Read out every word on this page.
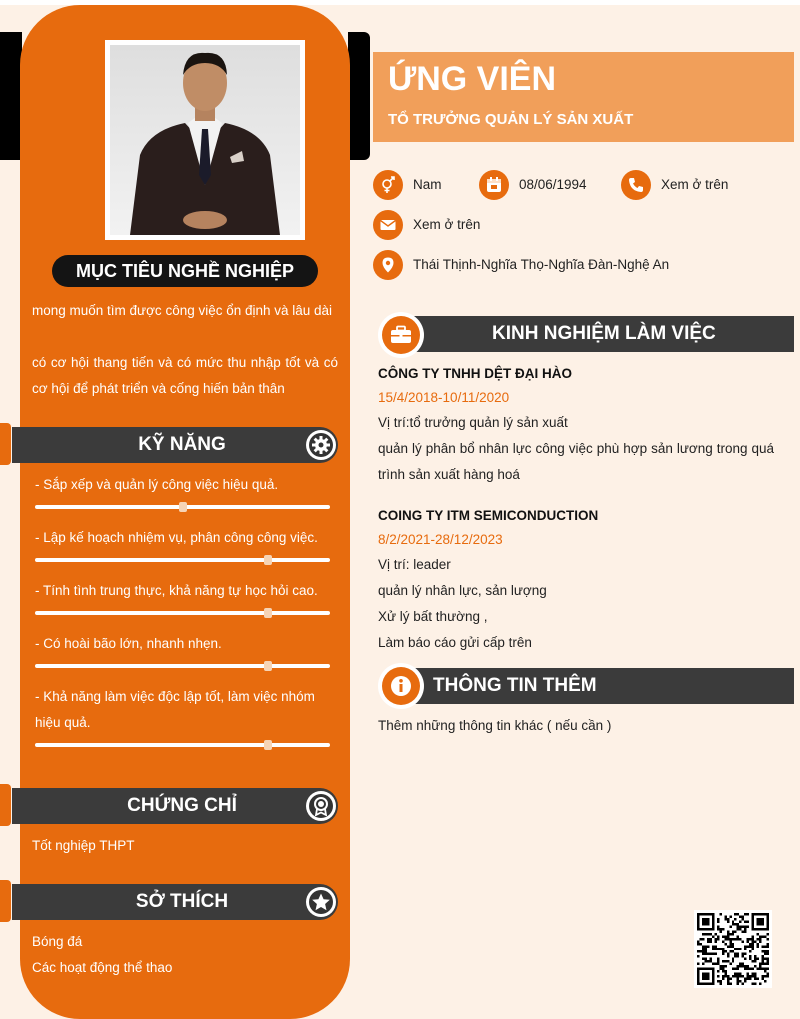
MỤC TIÊU NGHỀ NGHIỆP
mong muốn tìm được công việc ổn định và lâu dài
có cơ hội thang tiến và có mức thu nhập tốt và có cơ hội để phát triển và cống hiến bản thân
KỸ NĂNG
- Sắp xếp và quản lý công việc hiệu quả.
- Lập kế hoạch nhiệm vụ, phân công công việc.
- Tính tình trung thực, khả năng tự học hỏi cao.
- Có hoài bão lớn, nhanh nhẹn.
- Khả năng làm việc độc lập tốt, làm việc nhóm hiệu quả.
CHỨNG CHỈ
Tốt nghiệp THPT
SỞ THÍCH
Bóng đá
Các hoạt động thể thao
ỨNG VIÊN
TỔ TRƯỞNG QUẢN LÝ SẢN XUẤT
Nam	08/06/1994	Xem ở trên
Xem ở trên
Thái Thịnh-Nghĩa Thọ-Nghĩa Đàn-Nghệ An
KINH NGHIỆM LÀM VIỆC
CÔNG TY TNHH DỆT ĐẠI HÀO
15/4/2018-10/11/2020
Vị trí:tổ trưởng quản lý sản xuất
quản lý phân bổ nhân lực công việc phù hợp sản lương trong quá trình sản xuất hàng hoá
COING TY ITM SEMICONDUCTION
8/2/2021-28/12/2023
Vị trí: leader
quản lý nhân lực, sản lượng
Xử lý bất thường ,
Làm báo cáo gửi cấp trên
THÔNG TIN THÊM
Thêm những thông tin khác ( nếu cần )
